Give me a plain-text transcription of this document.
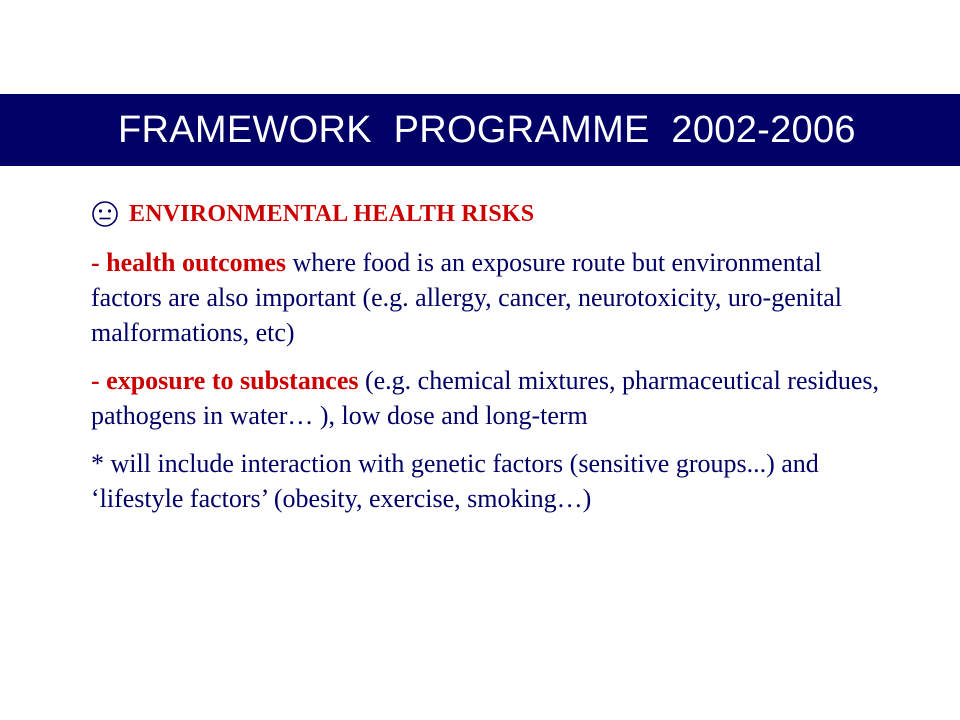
FRAMEWORK  PROGRAMME  2002-2006
ENVIRONMENTAL HEALTH RISKS

- health outcomes where food is an exposure route but environmental factors are also important (e.g. allergy, cancer, neurotoxicity, uro-genital malformations, etc)

- exposure to substances (e.g. chemical mixtures, pharmaceutical residues, pathogens in water… ), low dose and long-term

* will include interaction with genetic factors (sensitive groups...) and ‘lifestyle factors’ (obesity, exercise, smoking…)
